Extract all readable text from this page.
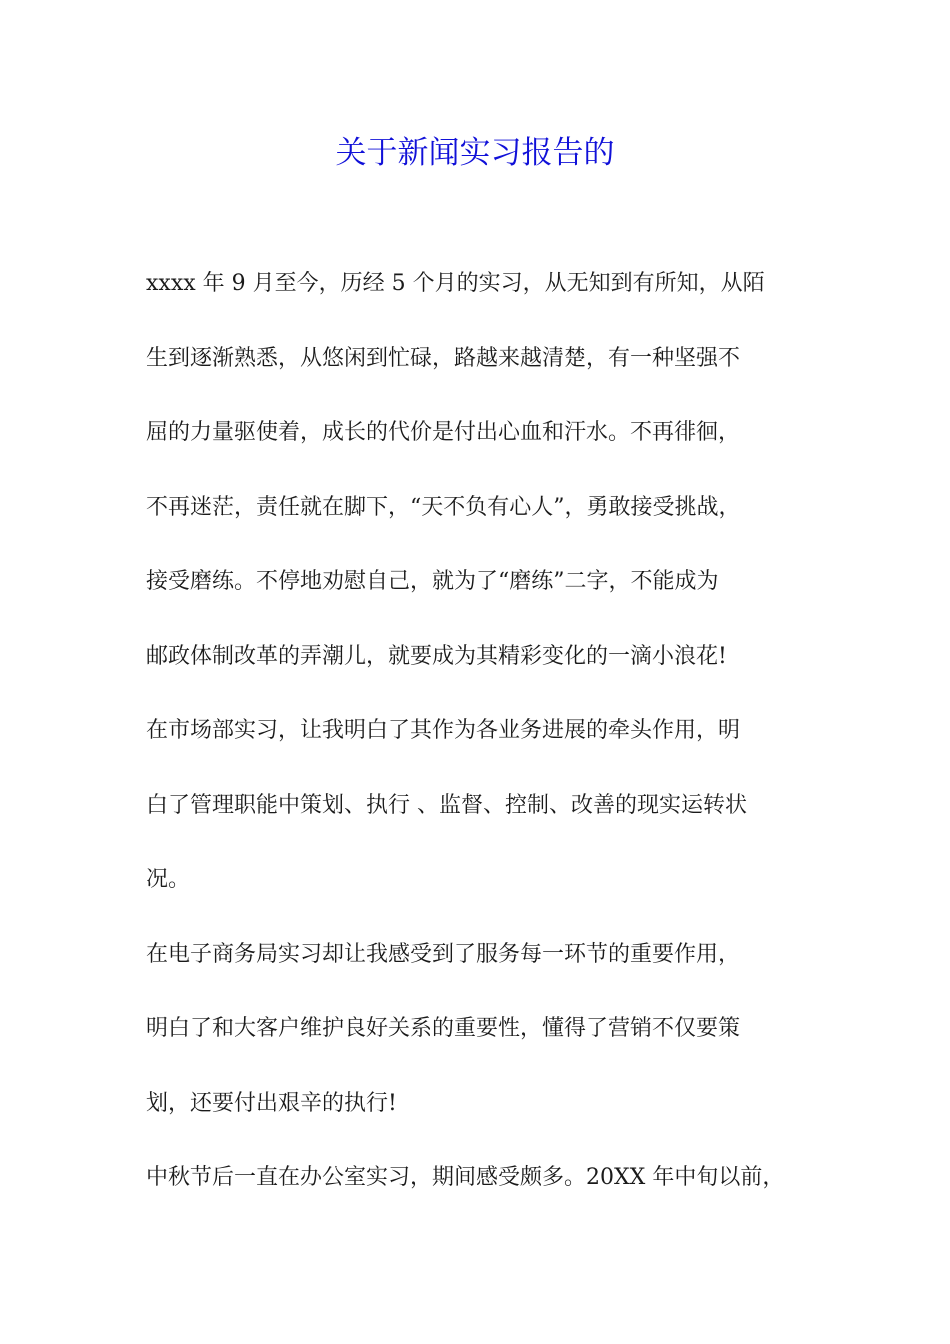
关于新闻实习报告的
xxxx 年 9 月至今，历经 5 个月的实习，从无知到有所知，从陌
生到逐渐熟悉，从悠闲到忙碌，路越来越清楚，有一种坚强不
屈的力量驱使着，成长的代价是付出心血和汗水。不再徘徊，
不再迷茫，责任就在脚下，“天不负有心人”，勇敢接受挑战，
接受磨练。不停地劝慰自己，就为了“磨练”二字，不能成为
邮政体制改革的弄潮儿，就要成为其精彩变化的一滴小浪花!
在市场部实习，让我明白了其作为各业务进展的牵头作用，明
白了管理职能中策划、执行 、监督、控制、改善的现实运转状
况。
在电子商务局实习却让我感受到了服务每一环节的重要作用，
明白了和大客户维护良好关系的重要性，懂得了营销不仅要策
划，还要付出艰辛的执行!
中秋节后一直在办公室实习，期间感受颇多。20XX 年中旬以前，
